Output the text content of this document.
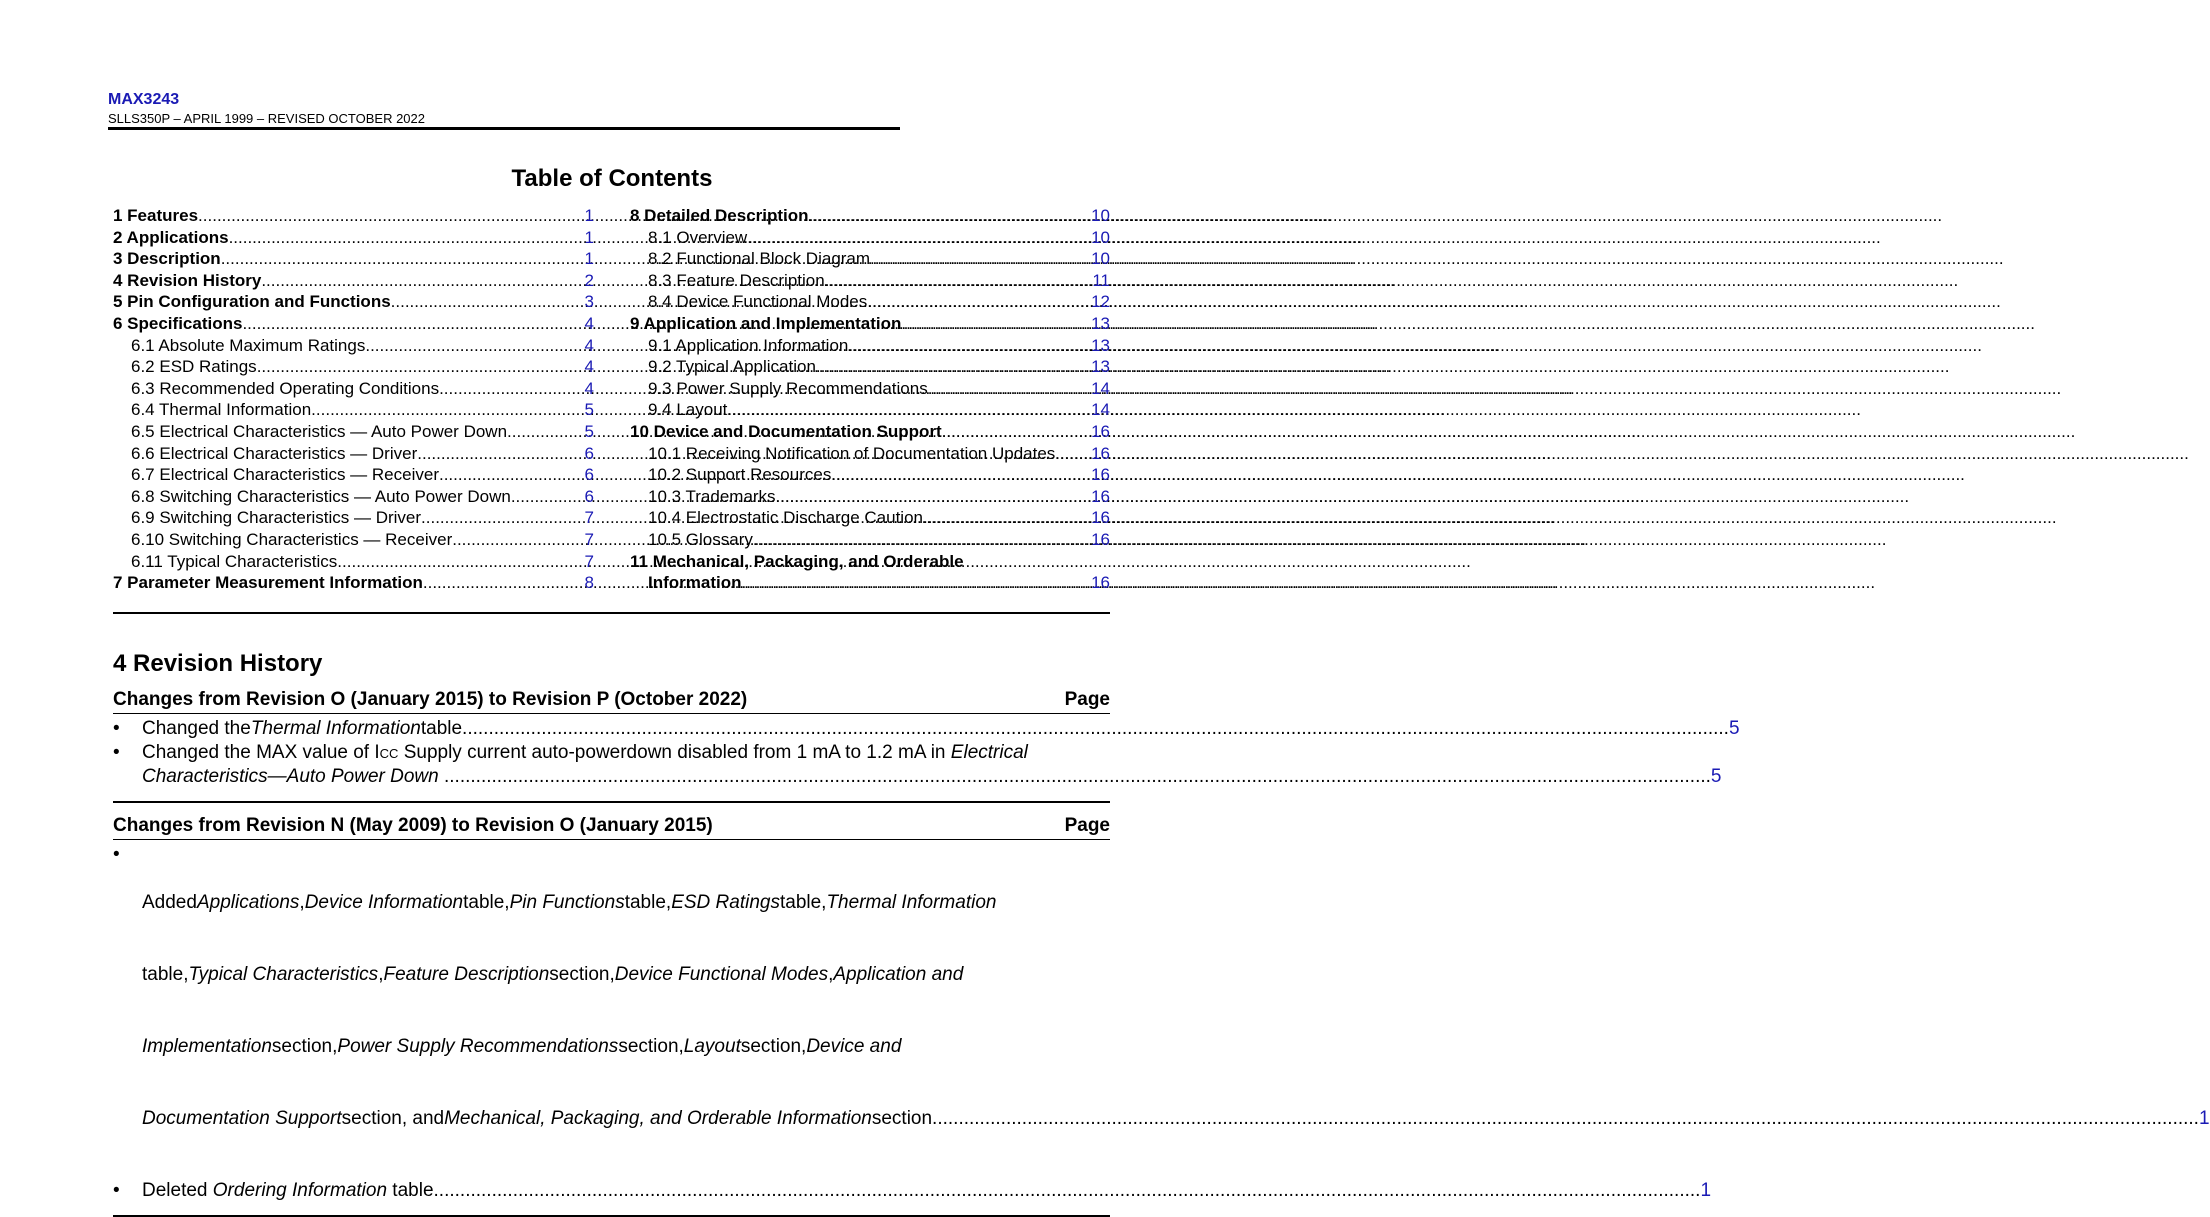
MAX3243
SLLS350P – APRIL 1999 – REVISED OCTOBER 2022
Table of Contents
1 Features .....	1
2 Applications .....	1
3 Description .....	1
4 Revision History .....	2
5 Pin Configuration and Functions .....	3
6 Specifications .....	4
6.1 Absolute Maximum Ratings .....	4
6.2 ESD Ratings .....	4
6.3 Recommended Operating Conditions .....	4
6.4 Thermal Information .....	5
6.5 Electrical Characteristics — Auto Power Down .....	5
6.6 Electrical Characteristics — Driver .....	6
6.7 Electrical Characteristics — Receiver .....	6
6.8 Switching Characteristics — Auto Power Down .....	6
6.9 Switching Characteristics — Driver .....	7
6.10 Switching Characteristics — Receiver .....	7
6.11 Typical Characteristics .....	7
7 Parameter Measurement Information .....	8
8 Detailed Description .....	10
8.1 Overview .....	10
8.2 Functional Block Diagram .....	10
8.3 Feature Description .....	11
8.4 Device Functional Modes .....	12
9 Application and Implementation .....	13
9.1 Application Information .....	13
9.2 Typical Application .....	13
9.3 Power Supply Recommendations .....	14
9.4 Layout .....	14
10 Device and Documentation Support .....	16
10.1 Receiving Notification of Documentation Updates ..... 16
10.2 Support Resources .....	16
10.3 Trademarks .....	16
10.4 Electrostatic Discharge Caution .....	16
10.5 Glossary .....	16
11 Mechanical, Packaging, and Orderable
Information .....	16
4 Revision History
Changes from Revision O (January 2015) to Revision P (October 2022)	Page
•	Changed the Thermal Information table .....	5
•	Changed the MAX value of I CC Supply current auto-powerdown disabled from 1 mA to 1.2 mA in Electrical
Characteristics—Auto Power Down
.....	5
Changes from Revision N (May 2009) to Revision O (January 2015)	Page
•

Added Applications , Device Information table, Pin Functions table, ESD Ratings table, Thermal Information

table, Typical Characteristics , Feature Description section, Device Functional Modes , Application and

Implementation section, Power Supply Recommendations section, Layout section, Device and

Documentation Support section, and Mechanical, Packaging, and Orderable Information section .....	1

•	Deleted Ordering Information table .....	1
